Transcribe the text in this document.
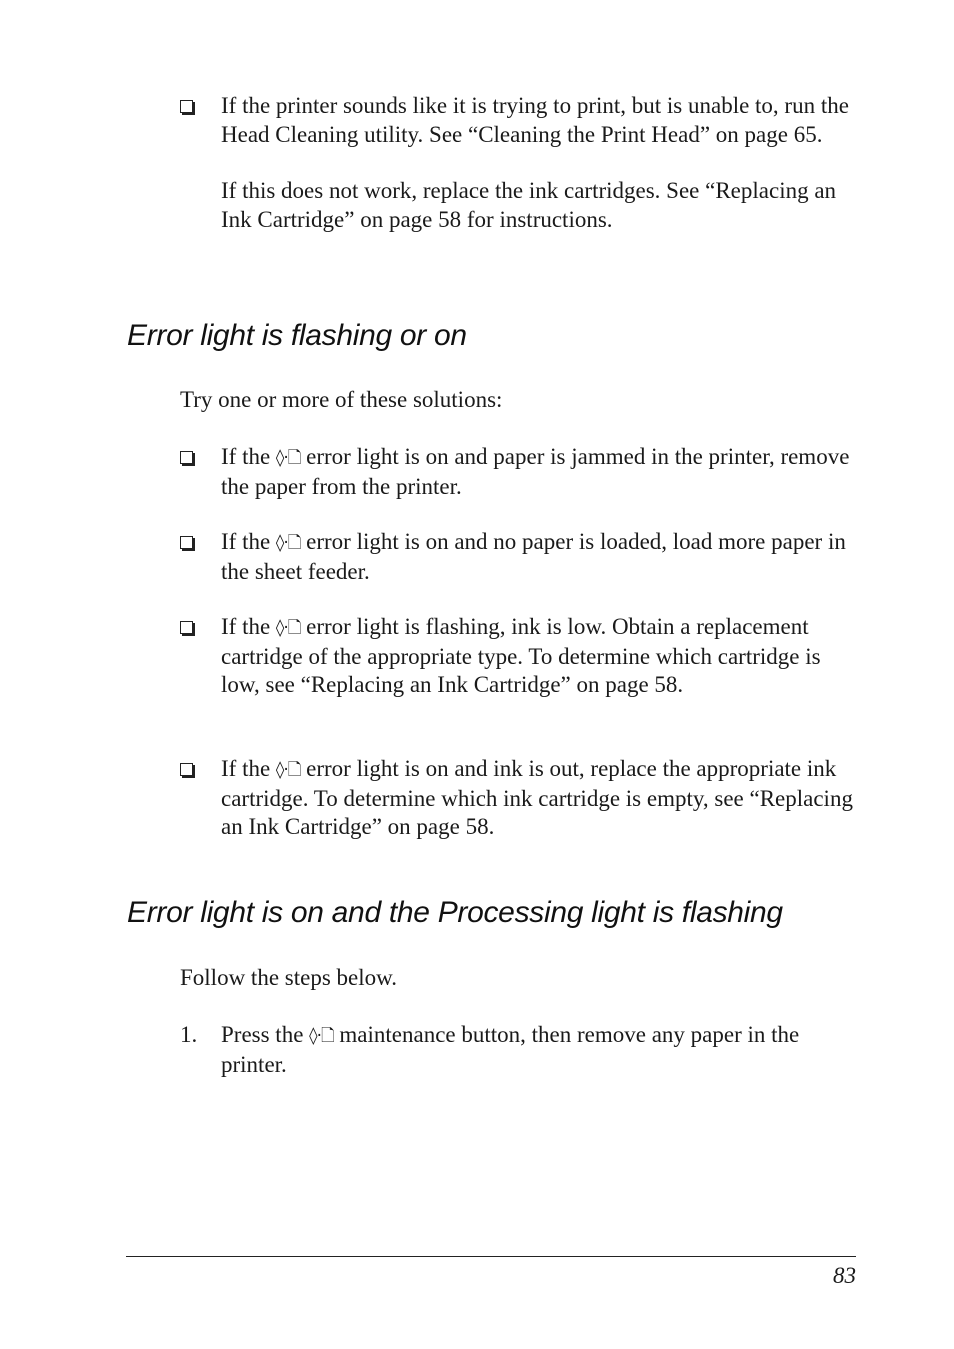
If the printer sounds like it is trying to print, but is unable to, run the Head Cleaning utility. See “Cleaning the Print Head” on page 65.
If this does not work, replace the ink cartridges. See “Replacing an Ink Cartridge” on page 58 for instructions.
Error light is flashing or on
Try one or more of these solutions:
If the ◊·🗋 error light is on and paper is jammed in the printer, remove the paper from the printer.
If the ◊·🗋 error light is on and no paper is loaded, load more paper in the sheet feeder.
If the ◊·🗋 error light is flashing, ink is low. Obtain a replacement cartridge of the appropriate type. To determine which cartridge is low, see “Replacing an Ink Cartridge” on page 58.
If the ◊·🗋 error light is on and ink is out, replace the appropriate ink cartridge. To determine which ink cartridge is empty, see “Replacing an Ink Cartridge” on page 58.
Error light is on and the Processing light is flashing
Follow the steps below.
1.	Press the ◊·🗋 maintenance button, then remove any paper in the printer.
83
